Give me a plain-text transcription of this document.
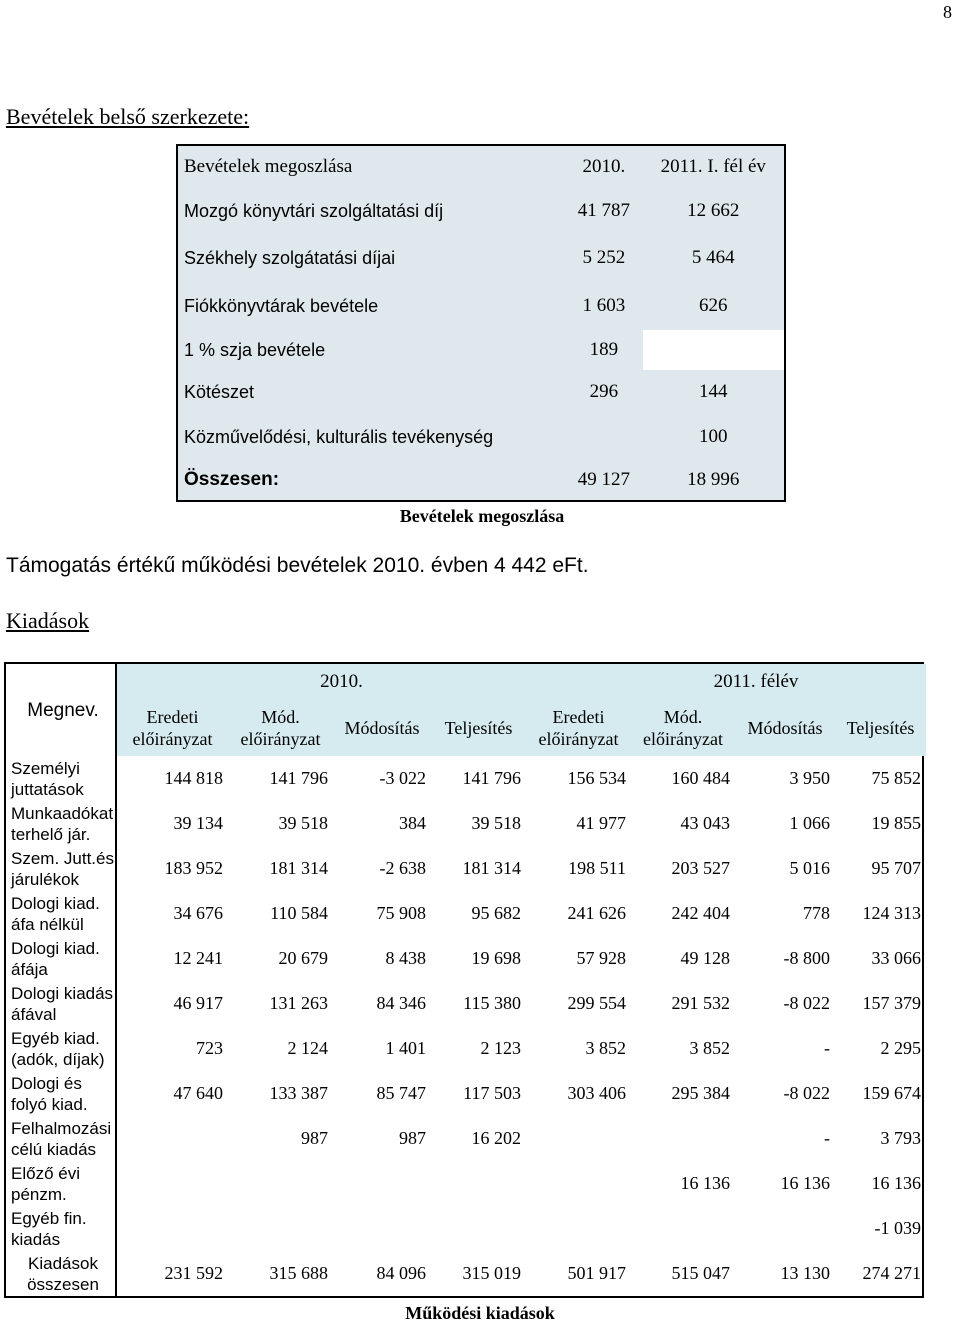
8
Bevételek belső szerkezete:
Bevételek megoszlása	2010.	2011. I. fél év
Mozgó könyvtári szolgáltatási díj	41 787	12 662
Székhely szolgátatási díjai	5 252	5 464
Fiókkönyvtárak bevétele	1 603	626
1 % szja bevétele	189	
Kötészet	296	144
Közművelődési, kulturális tevékenység		100
Összesen:	49 127	18 996
Bevételek megoszlása
Támogatás értékű működési bevételek 2010. évben 4 442 eFt.
Kiadások
Megnev.	2010.				2011. félév			
	Eredeti előirányzat	Mód. előirányzat	Módosítás	Teljesítés	Eredeti előirányzat	Mód. előirányzat	Módosítás	Teljesítés
Személyi juttatások	144 818	141 796	-3 022	141 796	156 534	160 484	3 950	75 852
Munkaadókat terhelő jár.	39 134	39 518	384	39 518	41 977	43 043	1 066	19 855
Szem. Jutt.és járulékok	183 952	181 314	-2 638	181 314	198 511	203 527	5 016	95 707
Dologi kiad. áfa nélkül	34 676	110 584	75 908	95 682	241 626	242 404	778	124 313
Dologi kiad. áfája	12 241	20 679	8 438	19 698	57 928	49 128	-8 800	33 066
Dologi kiadás áfával	46 917	131 263	84 346	115 380	299 554	291 532	-8 022	157 379
Egyéb kiad. (adók, díjak)	723	2 124	1 401	2 123	3 852	3 852	-	2 295
Dologi és folyó kiad.	47 640	133 387	85 747	117 503	303 406	295 384	-8 022	159 674
Felhalmozási célú kiadás		987	987	16 202			-	3 793
Előző évi pénzm.						16 136	16 136	16 136
Egyéb fin. kiadás								-1 039
Kiadások összesen	231 592	315 688	84 096	315 019	501 917	515 047	13 130	274 271
Működési kiadások
